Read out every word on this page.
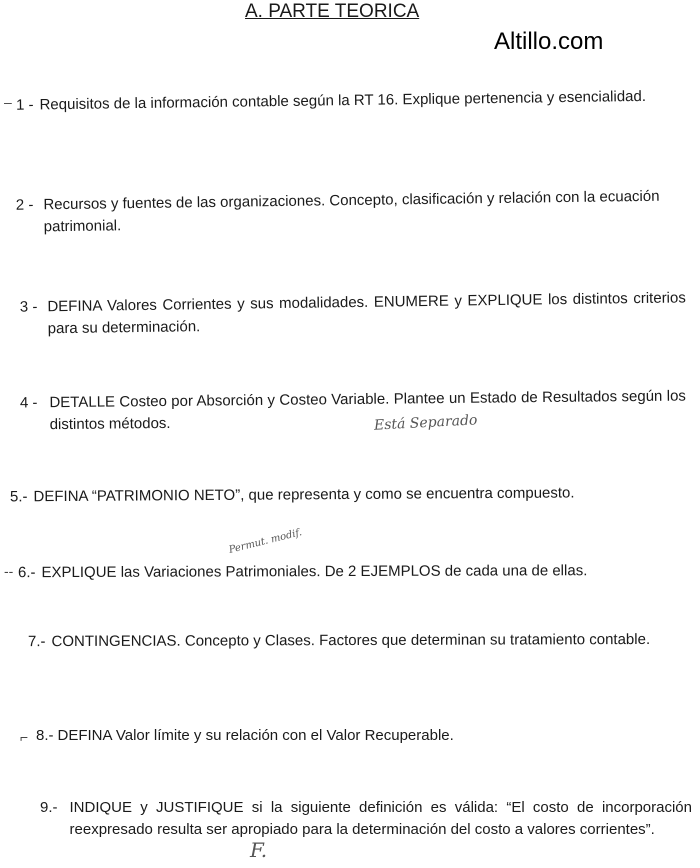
A. PARTE TEORICA
Altillo.com
– 1 - Requisitos de la información contable según la RT 16. Explique pertenencia y esencialidad.
2 - Recursos y fuentes de las organizaciones. Concepto, clasificación y relación con la ecuación patrimonial.
3 - DEFINA Valores Corrientes y sus modalidades. ENUMERE y EXPLIQUE los distintos criterios para su determinación.
4 - DETALLE Costeo por Absorción y Costeo Variable. Plantee un Estado de Resultados según los distintos métodos.	Está Separado
5.- DEFINA “PATRIMONIO NETO”, que representa y como se encuentra compuesto.
Permut. modif.
-- 6.- EXPLIQUE las Variaciones Patrimoniales. De 2 EJEMPLOS de cada una de ellas.
7.- CONTINGENCIAS. Concepto y Clases. Factores que determinan su tratamiento contable.
⌐ 8.- DEFINA Valor límite y su relación con el Valor Recuperable.
9.- INDIQUE y JUSTIFIQUE si la siguiente definición es válida: “El costo de incorporación reexpresado resulta ser apropiado para la determinación del costo a valores corrientes”.
F.
